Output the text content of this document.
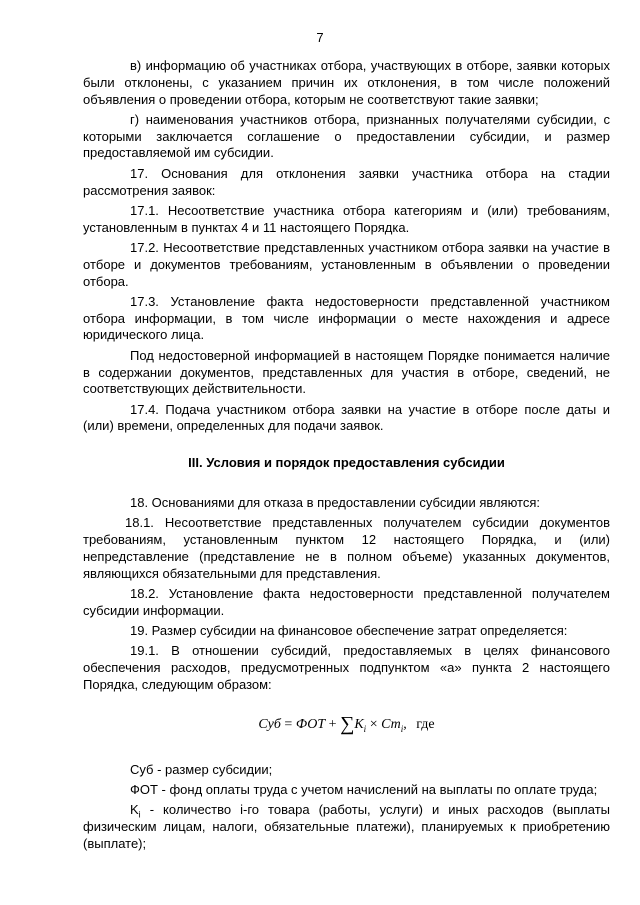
7

в) информацию об участниках отбора, участвующих в отборе, заявки которых были отклонены, с указанием причин их отклонения, в том числе положений объявления о проведении отбора, которым не соответствуют такие заявки;

г) наименования участников отбора, признанных получателями субсидии, с которыми заключается соглашение о предоставлении субсидии, и размер предоставляемой им субсидии.

17. Основания для отклонения заявки участника отбора на стадии рассмотрения заявок:

17.1. Несоответствие участника отбора категориям и (или) требованиям, установленным в пунктах 4 и 11 настоящего Порядка.

17.2. Несоответствие представленных участником отбора заявки на участие в отборе и документов требованиям, установленным в объявлении о проведении отбора.

17.3. Установление факта недостоверности представленной участником отбора информации, в том числе информации о месте нахождения и адресе юридического лица.

Под недостоверной информацией в настоящем Порядке понимается наличие в содержании документов, представленных для участия в отборе, сведений, не соответствующих действительности.

17.4. Подача участником отбора заявки на участие в отборе после даты и (или) времени, определенных для подачи заявок.

III. Условия и порядок предоставления субсидии

18. Основаниями для отказа в предоставлении субсидии являются:

18.1. Несоответствие представленных получателем субсидии документов требованиям, установленным пунктом 12 настоящего Порядка, и (или) непредставление (представление не в полном объеме) указанных документов, являющихся обязательными для представления.

18.2. Установление факта недостоверности представленной получателем субсидии информации.

19. Размер субсидии на финансовое обеспечение затрат определяется:

19.1. В отношении субсидий, предоставляемых в целях финансового обеспечения расходов, предусмотренных подпунктом «а» пункта 2 настоящего Порядка, следующим образом:

Суб = ФОТ + $\sum K_i \times Ст_i$, где

Суб - размер субсидии;

ФОТ - фонд оплаты труда с учетом начислений на выплаты по оплате труда;

$K_i$ - количество i-го товара (работы, услуги) и иных расходов (выплаты физическим лицам, налоги, обязательные платежи), планируемых к приобретению (выплате);
